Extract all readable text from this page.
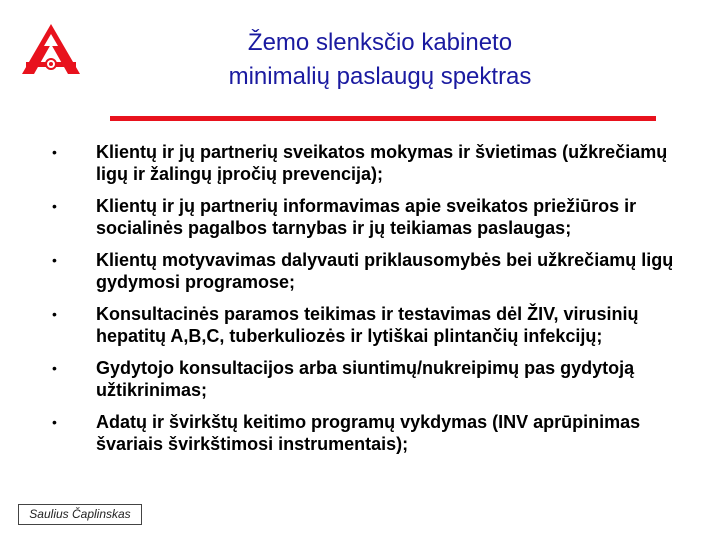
Žemo slenksčio kabineto
minimalių paslaugų spektras
•	Klientų ir jų partnerių sveikatos mokymas ir švietimas (užkrečiamų ligų ir žalingų įpročių prevencija);
•	Klientų ir jų partnerių informavimas apie sveikatos priežiūros ir socialinės pagalbos tarnybas ir jų teikiamas paslaugas;
•	Klientų motyvavimas dalyvauti priklausomybės bei užkrečiamų ligų gydymosi programose;
•	Konsultacinės paramos teikimas ir testavimas dėl ŽIV, virusinių hepatitų A,B,C, tuberkuliozės ir lytiškai plintančių infekcijų;
•	Gydytojo konsultacijos arba siuntimų/nukreipimų pas gydytoją užtikrinimas;
•	Adatų ir švirkštų keitimo programų vykdymas (INV aprūpinimas švariais švirkštimosi instrumentais);
Saulius Čaplinskas
